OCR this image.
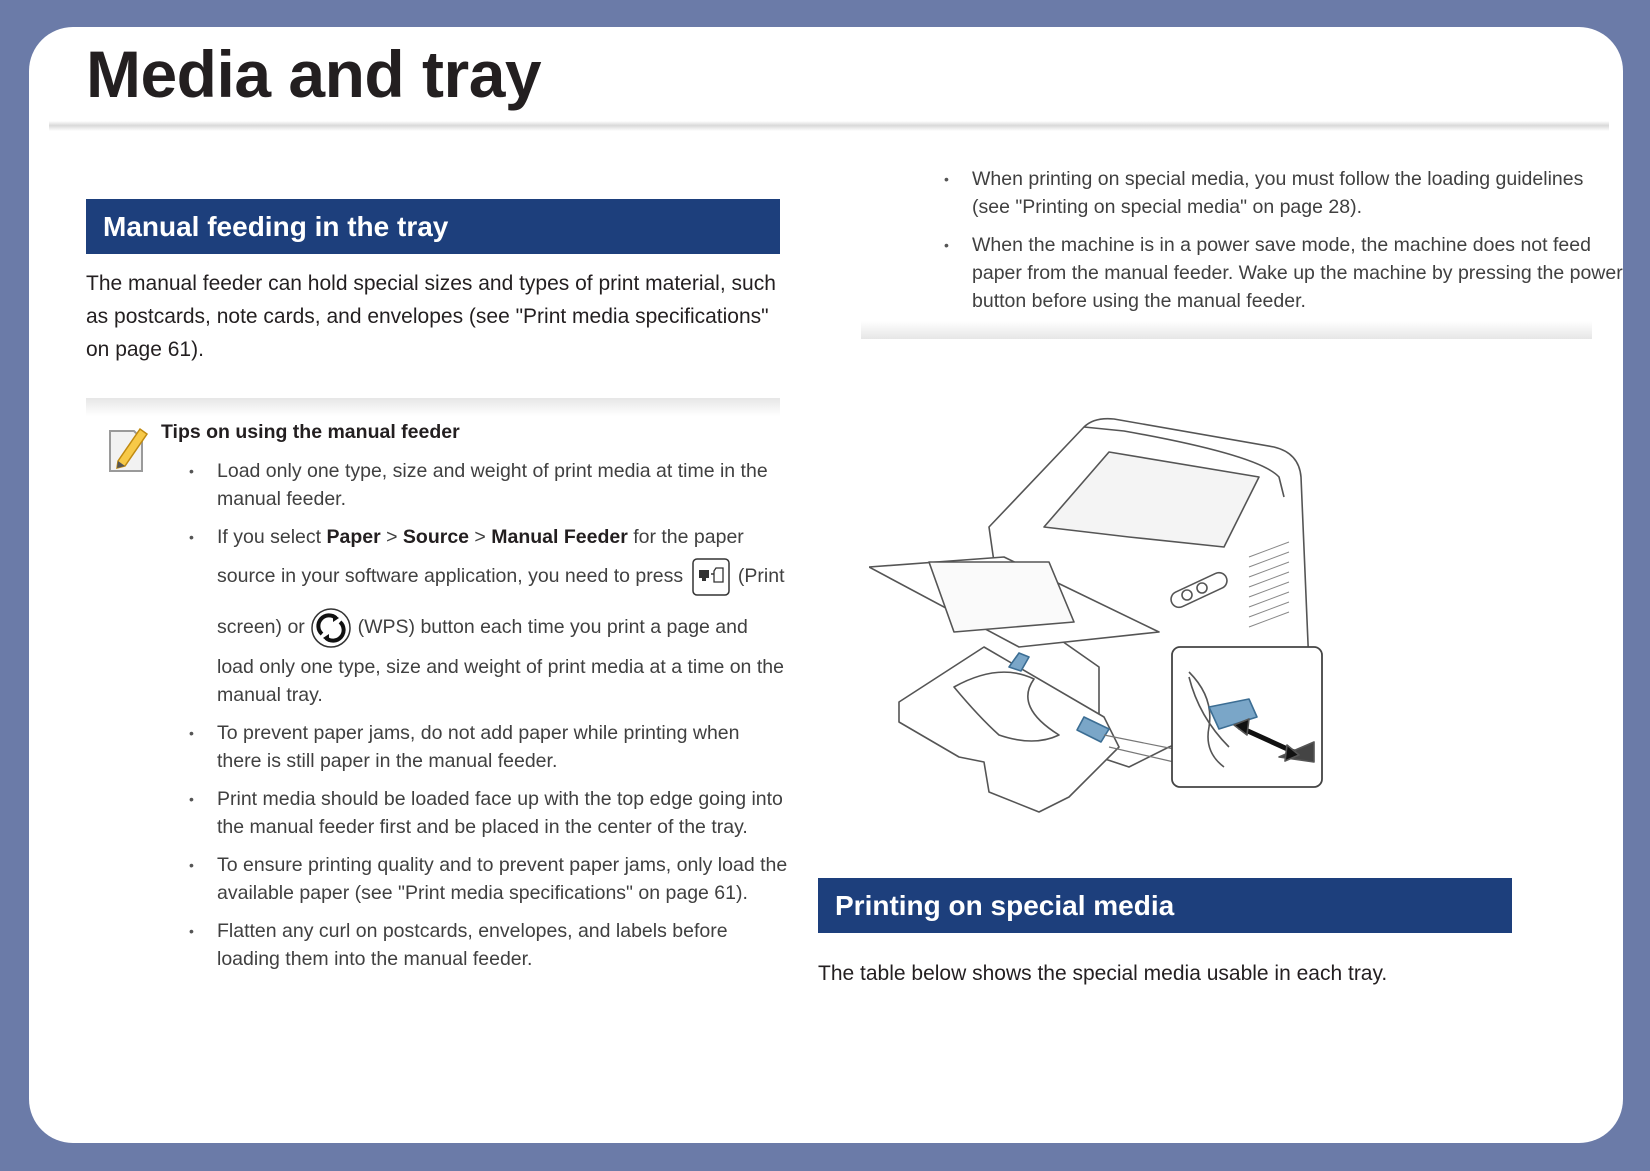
Media and tray
Manual feeding in the tray

The manual feeder can hold special sizes and types of print material, such as postcards, note cards, and envelopes (see "Print media specifications" on page 61).

Tips on using the manual feeder
• Load only one type, size and weight of print media at time in the manual feeder.
• If you select Paper > Source > Manual Feeder for the paper source in your software application, you need to press  (Print screen) or  (WPS) button each time you print a page and load only one type, size and weight of print media at a time on the manual tray.
• To prevent paper jams, do not add paper while printing when there is still paper in the manual feeder.
• Print media should be loaded face up with the top edge going into the manual feeder first and be placed in the center of the tray.
• To ensure printing quality and to prevent paper jams, only load the available paper (see "Print media specifications" on page 61).
• Flatten any curl on postcards, envelopes, and labels before loading them into the manual feeder.
• When printing on special media, you must follow the loading guidelines (see "Printing on special media" on page 28).
• When the machine is in a power save mode, the machine does not feed paper from the manual feeder. Wake up the machine by pressing the power button before using the manual feeder.
Printing on special media

The table below shows the special media usable in each tray.
